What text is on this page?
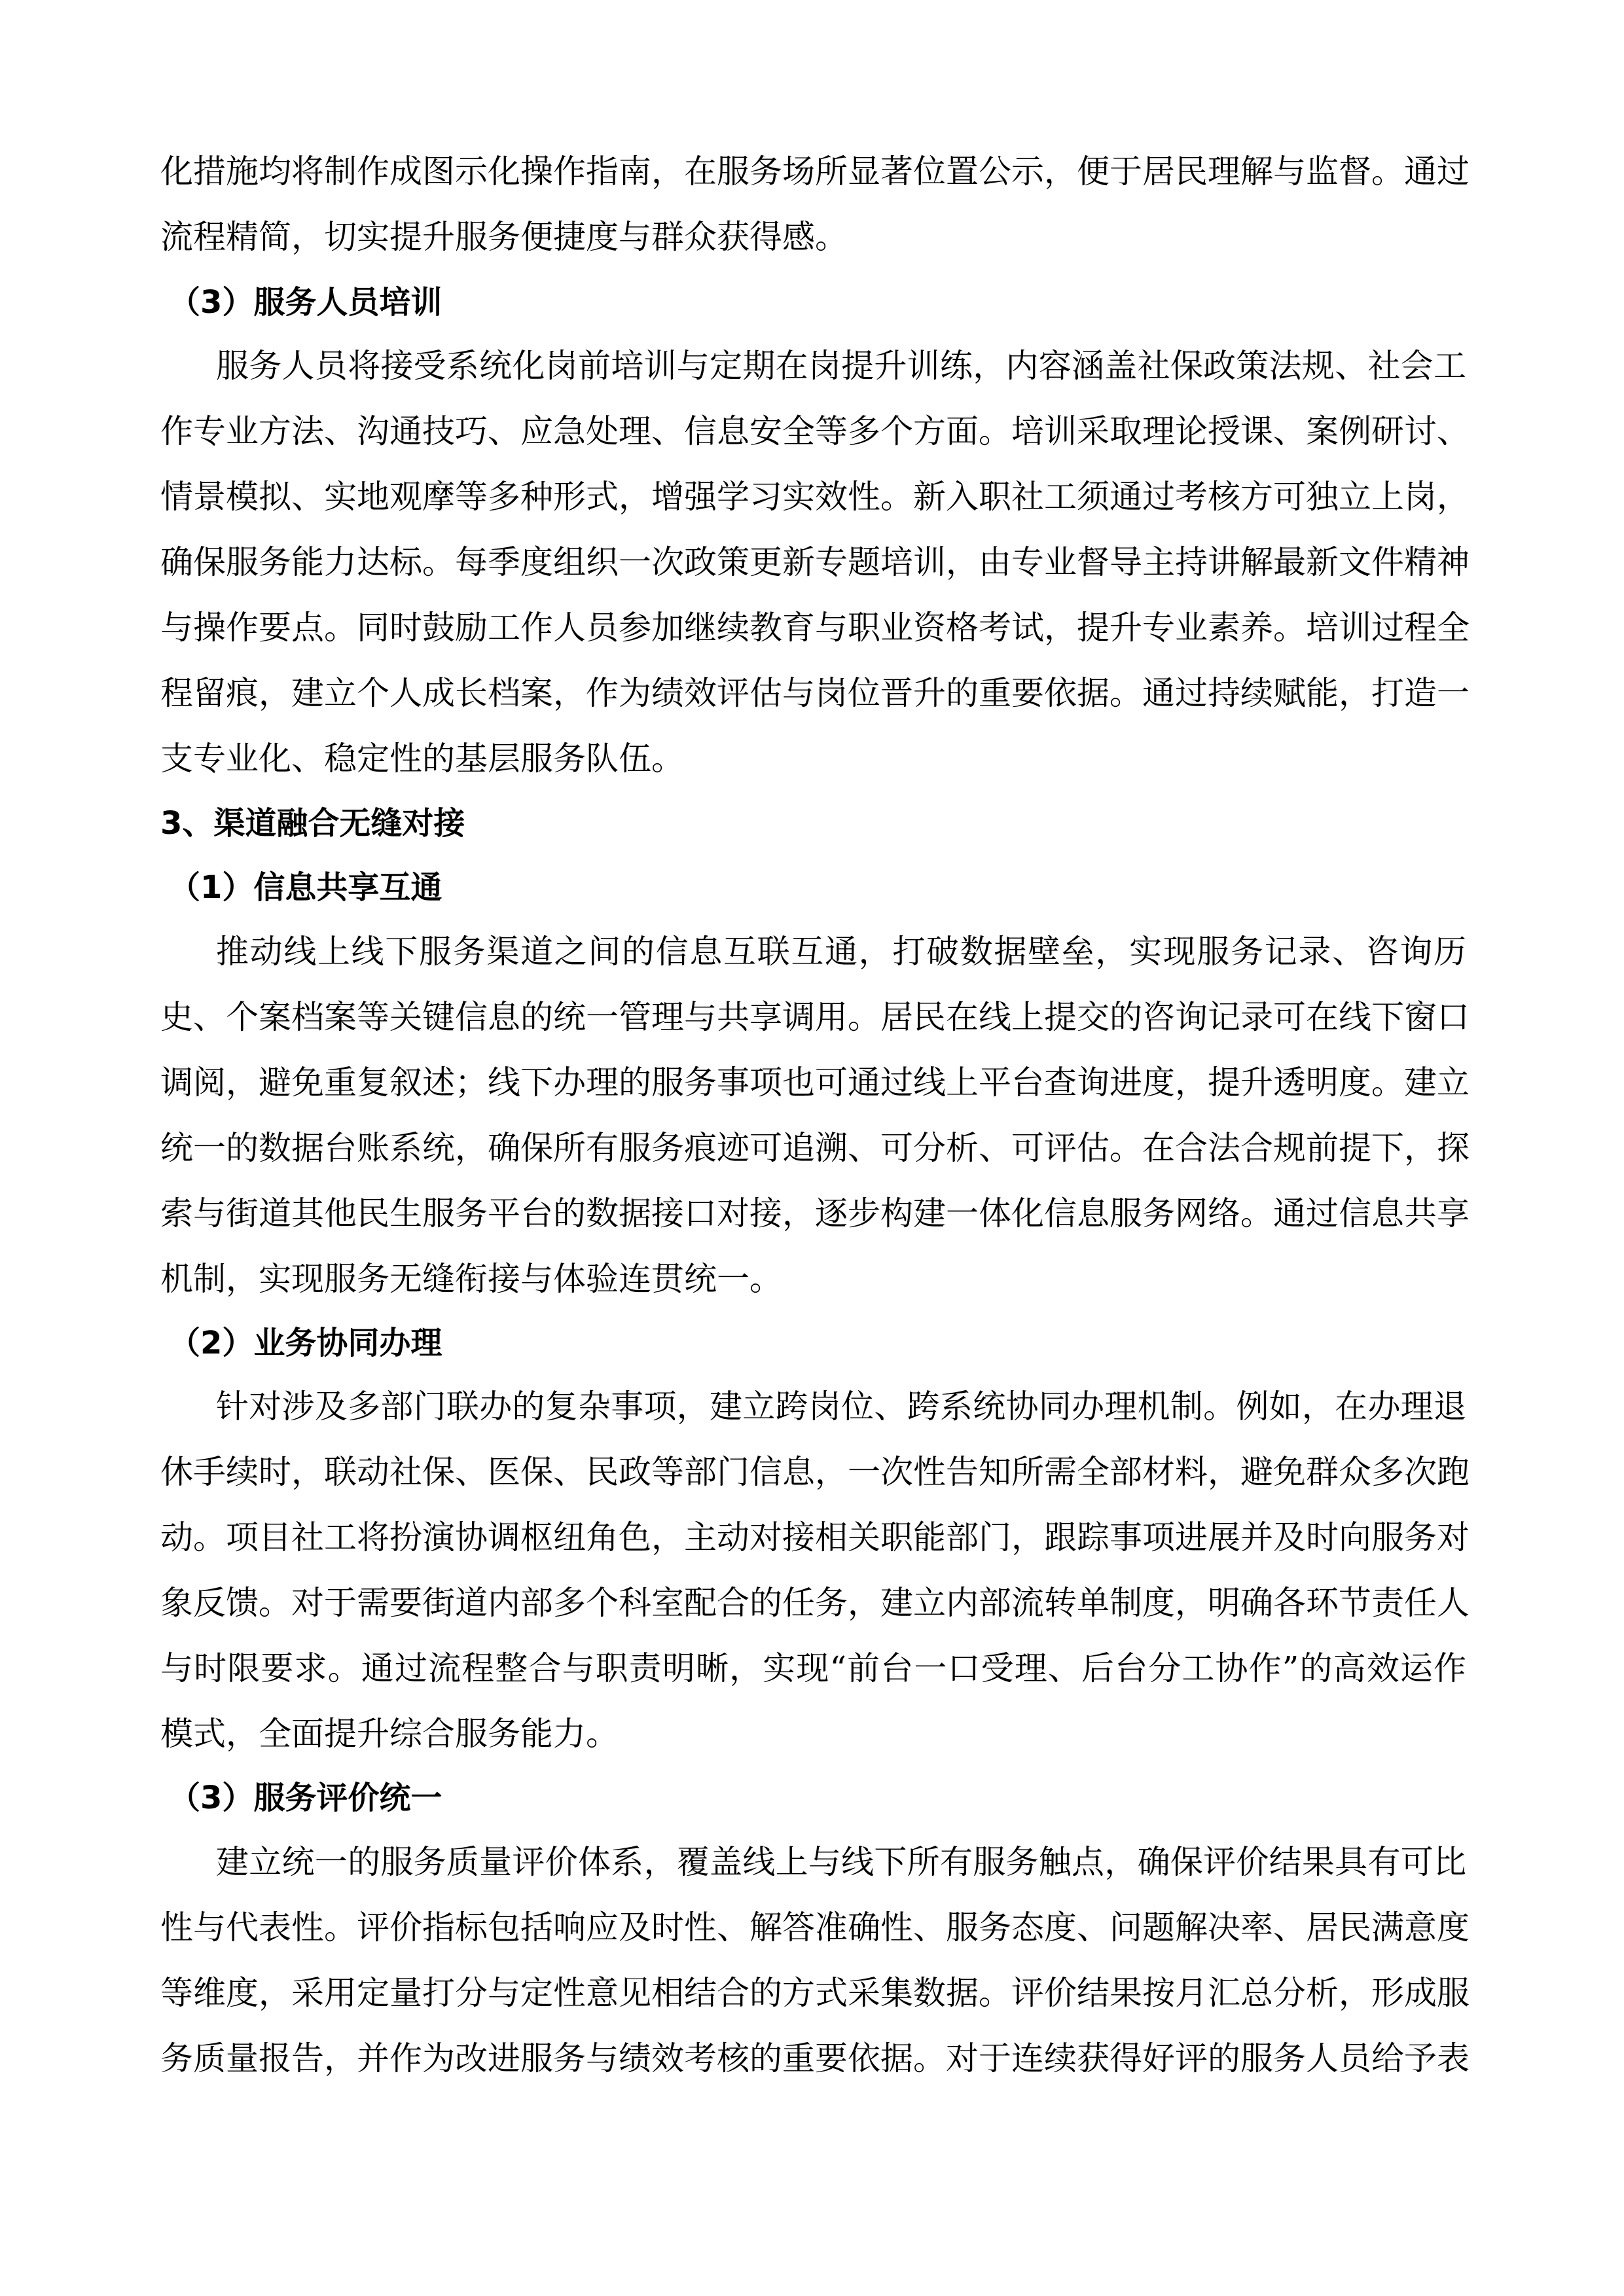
化措施均将制作成图示化操作指南，在服务场所显著位置公示，便于居民理解与监督。通过
流程精简，切实提升服务便捷度与群众获得感。
（3）服务人员培训
服务人员将接受系统化岗前培训与定期在岗提升训练，内容涵盖社保政策法规、社会工
作专业方法、沟通技巧、应急处理、信息安全等多个方面。培训采取理论授课、案例研讨、
情景模拟、实地观摩等多种形式，增强学习实效性。新入职社工须通过考核方可独立上岗，
确保服务能力达标。每季度组织一次政策更新专题培训，由专业督导主持讲解最新文件精神
与操作要点。同时鼓励工作人员参加继续教育与职业资格考试，提升专业素养。培训过程全
程留痕，建立个人成长档案，作为绩效评估与岗位晋升的重要依据。通过持续赋能，打造一
支专业化、稳定性的基层服务队伍。
3、渠道融合无缝对接
（1）信息共享互通
推动线上线下服务渠道之间的信息互联互通，打破数据壁垒，实现服务记录、咨询历
史、个案档案等关键信息的统一管理与共享调用。居民在线上提交的咨询记录可在线下窗口
调阅，避免重复叙述；线下办理的服务事项也可通过线上平台查询进度，提升透明度。建立
统一的数据台账系统，确保所有服务痕迹可追溯、可分析、可评估。在合法合规前提下，探
索与街道其他民生服务平台的数据接口对接，逐步构建一体化信息服务网络。通过信息共享
机制，实现服务无缝衔接与体验连贯统一。
（2）业务协同办理
针对涉及多部门联办的复杂事项，建立跨岗位、跨系统协同办理机制。例如，在办理退
休手续时，联动社保、医保、民政等部门信息，一次性告知所需全部材料，避免群众多次跑
动。项目社工将扮演协调枢纽角色，主动对接相关职能部门，跟踪事项进展并及时向服务对
象反馈。对于需要街道内部多个科室配合的任务，建立内部流转单制度，明确各环节责任人
与时限要求。通过流程整合与职责明晰，实现“前台一口受理、后台分工协作”的高效运作
模式，全面提升综合服务能力。
（3）服务评价统一
建立统一的服务质量评价体系，覆盖线上与线下所有服务触点，确保评价结果具有可比
性与代表性。评价指标包括响应及时性、解答准确性、服务态度、问题解决率、居民满意度
等维度，采用定量打分与定性意见相结合的方式采集数据。评价结果按月汇总分析，形成服
务质量报告，并作为改进服务与绩效考核的重要依据。对于连续获得好评的服务人员给予表
